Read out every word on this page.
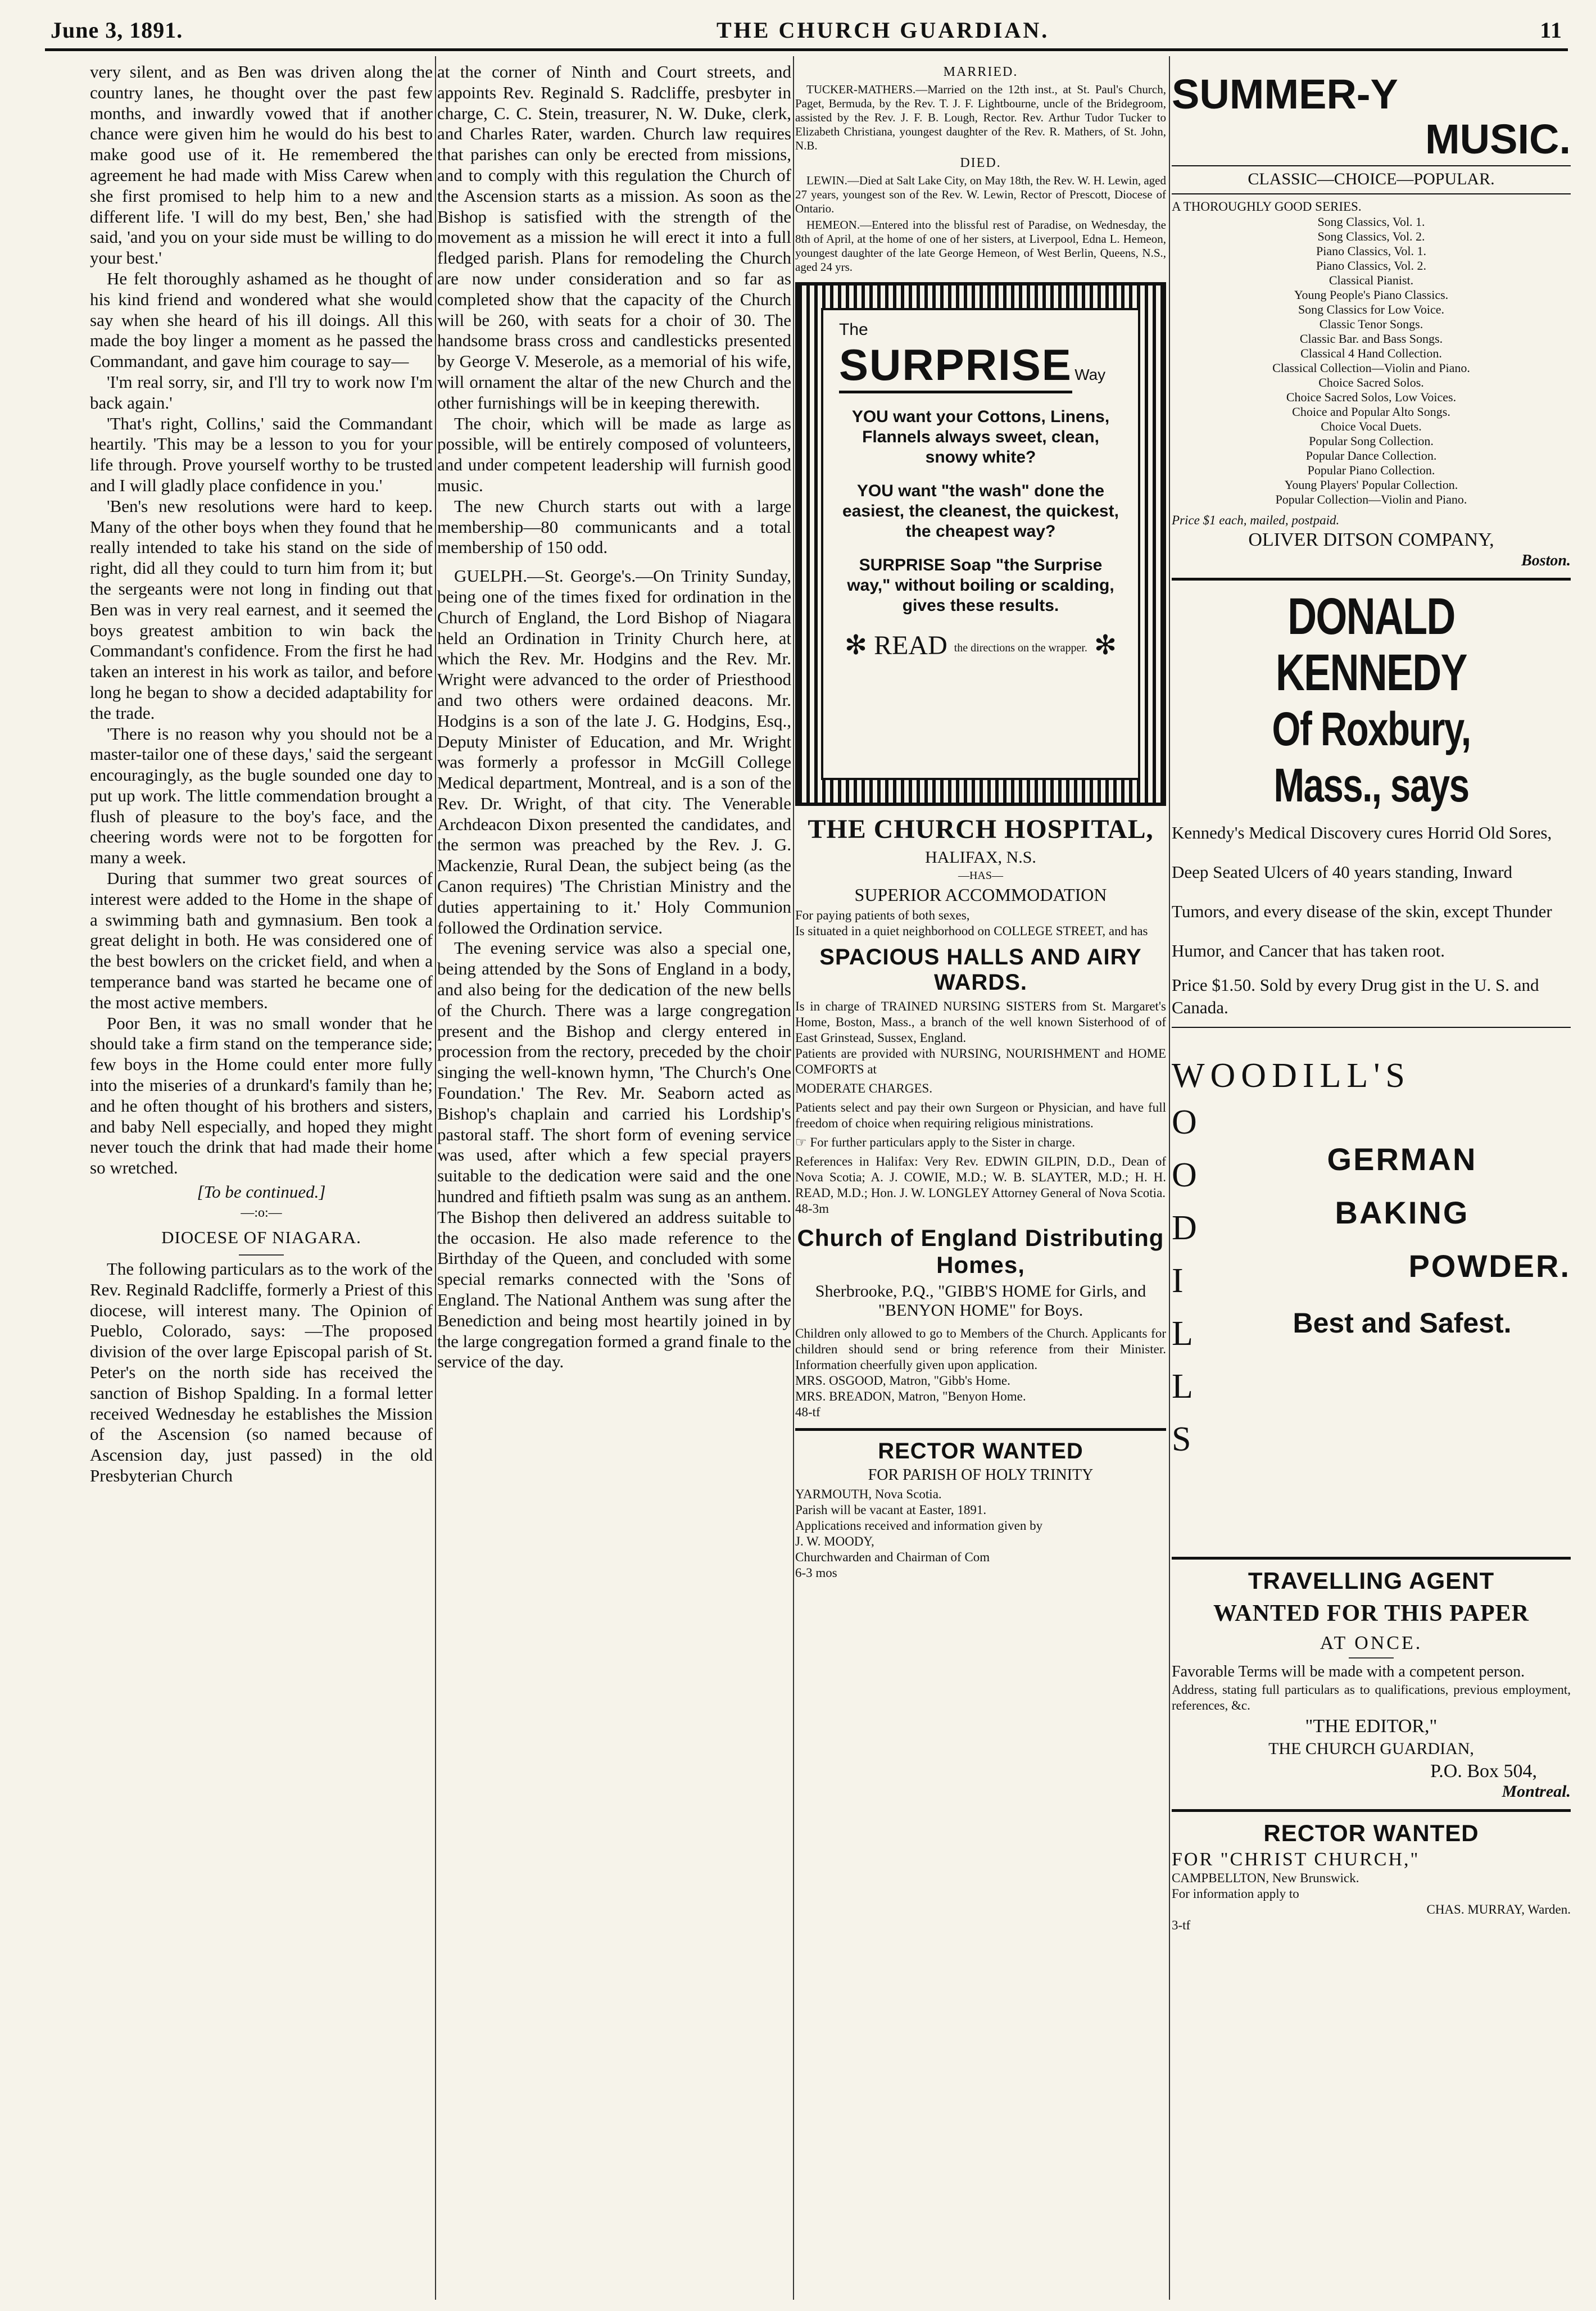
June 3, 1891.	THE CHURCH GUARDIAN.	11

very silent, and as Ben was driven along the country lanes, he thought over the past few months, and inwardly vowed that if another chance were given him he would do his best to make good use of it. He remembered the agreement he had made with Miss Carew when she first promised to help him to a new and different life. 'I will do my best, Ben,' she had said, 'and you on your side must be willing to do your best.'

He felt thoroughly ashamed as he thought of his kind friend and wondered what she would say when she heard of his ill doings. All this made the boy linger a moment as he passed the Commandant, and gave him courage to say—

'I'm real sorry, sir, and I'll try to work now I'm back again.'

'That's right, Collins,' said the Commandant heartily. 'This may be a lesson to you for your life through. Prove yourself worthy to be trusted and I will gladly place confidence in you.'

'Ben's new resolutions were hard to keep. Many of the other boys when they found that he really intended to take his stand on the side of right, did all they could to turn him from it; but the sergeants were not long in finding out that Ben was in very real earnest, and it seemed the boys greatest ambition to win back the Commandant's confidence. From the first he had taken an interest in his work as tailor, and before long he began to show a decided adaptability for the trade.

'There is no reason why you should not be a master-tailor one of these days,' said the sergeant encouragingly, as the bugle sounded one day to put up work. The little commendation brought a flush of pleasure to the boy's face, and the cheering words were not to be forgotten for many a week.

During that summer two great sources of interest were added to the Home in the shape of a swimming bath and gymnasium. Ben took a great delight in both. He was considered one of the best bowlers on the cricket field, and when a temperance band was started he became one of the most active members.

Poor Ben, it was no small wonder that he should take a firm stand on the temperance side; few boys in the Home could enter more fully into the miseries of a drunkard's family than he; and he often thought of his brothers and sisters, and baby Nell especially, and hoped they might never touch the drink that had made their home so wretched.

[To be continued.]
—:o:—
DIOCESE OF NIAGARA.

The following particulars as to the work of the Rev. Reginald Radcliffe, formerly a Priest of this diocese, will interest many. The Opinion of Pueblo, Colorado, says: —The proposed division of the over large Episcopal parish of St. Peter's on the north side has received the sanction of Bishop Spalding. In a formal letter received Wednesday he establishes the Mission of the Ascension (so named because of Ascension day, just passed) in the old Presbyterian Church

at the corner of Ninth and Court streets, and appoints Rev. Reginald S. Radcliffe, presbyter in charge, C. C. Stein, treasurer, N. W. Duke, clerk, and Charles Rater, warden. Church law requires that parishes can only be erected from missions, and to comply with this regulation the Church of the Ascension starts as a mission. As soon as the Bishop is satisfied with the strength of the movement as a mission he will erect it into a full fledged parish. Plans for remodeling the Church are now under consideration and so far as completed show that the capacity of the Church will be 260, with seats for a choir of 30. The handsome brass cross and candlesticks presented by George V. Meserole, as a memorial of his wife, will ornament the altar of the new Church and the other furnishings will be in keeping therewith.

The choir, which will be made as large as possible, will be entirely composed of volunteers, and under competent leadership will furnish good music.

The new Church starts out with a large membership—80 communicants and a total membership of 150 odd.

GUELPH.—St. George's.—On Trinity Sunday, being one of the times fixed for ordination in the Church of England, the Lord Bishop of Niagara held an Ordination in Trinity Church here, at which the Rev. Mr. Hodgins and the Rev. Mr. Wright were advanced to the order of Priesthood and two others were ordained deacons. Mr. Hodgins is a son of the late J. G. Hodgins, Esq., Deputy Minister of Education, and Mr. Wright was formerly a professor in McGill College Medical department, Montreal, and is a son of the Rev. Dr. Wright, of that city. The Venerable Archdeacon Dixon presented the candidates, and the sermon was preached by the Rev. J. G. Mackenzie, Rural Dean, the subject being (as the Canon requires) 'The Christian Ministry and the duties appertaining to it.' Holy Communion followed the Ordination service.

The evening service was also a special one, being attended by the Sons of England in a body, and also being for the dedication of the new bells of the Church. There was a large congregation present and the Bishop and clergy entered in procession from the rectory, preceded by the choir singing the well-known hymn, 'The Church's One Foundation.' The Rev. Mr. Seaborn acted as Bishop's chaplain and carried his Lordship's pastoral staff. The short form of evening service was used, after which a few special prayers suitable to the dedication were said and the one hundred and fiftieth psalm was sung as an anthem. The Bishop then delivered an address suitable to the occasion. He also made reference to the Birthday of the Queen, and concluded with some special remarks connected with the 'Sons of England. The National Anthem was sung after the Benediction and being most heartily joined in by the large congregation formed a grand finale to the service of the day.

MARRIED.

TUCKER-MATHERS.—Married on the 12th inst., at St. Paul's Church, Paget, Bermuda, by the Rev. T. J. F. Lightbourne, uncle of the Bridegroom, assisted by the Rev. J. F. B. Lough, Rector. Rev. Arthur Tudor Tucker to Elizabeth Christiana, youngest daughter of the Rev. R. Mathers, of St. John, N.B.

DIED.

LEWIN.—Died at Salt Lake City, on May 18th, the Rev. W. H. Lewin, aged 27 years, youngest son of the Rev. W. Lewin, Rector of Prescott, Diocese of Ontario.

HEMEON.—Entered into the blissful rest of Paradise, on Wednesday, the 8th of April, at the home of one of her sisters, at Liverpool, Edna L. Hemeon, youngest daughter of the late George Hemeon, of West Berlin, Queens, N.S., aged 24 yrs.

The
SURPRISE Way
YOU want your Cottons, Linens, Flannels always sweet, clean, snowy white?
YOU want "the wash" done the easiest, the cleanest, the quickest, the cheapest way?
SURPRISE Soap "the Surprise way," without boiling or scalding, gives these results.
✻ READ the directions on the wrapper. ✻
THE CHURCH HOSPITAL,
HALIFAX, N.S.
—HAS—
SUPERIOR ACCOMMODATION
For paying patients of both sexes,
Is situated in a quiet neighborhood on COLLEGE STREET, and has
SPACIOUS HALLS AND AIRY WARDS.
Is in charge of TRAINED NURSING SISTERS from St. Margaret's Home, Boston, Mass., a branch of the well known Sisterhood of of East Grinstead, Sussex, England.
Patients are provided with NURSING, NOURISHMENT and HOME COMFORTS at
MODERATE CHARGES.
Patients select and pay their own Surgeon or Physician, and have full freedom of choice when requiring religious ministrations.
☞ For further particulars apply to the Sister in charge.
References in Halifax: Very Rev. EDWIN GILPIN, D.D., Dean of Nova Scotia; A. J. COWIE, M.D.; W. B. SLAYTER, M.D.; H. H. READ, M.D.; Hon. J. W. LONGLEY Attorney General of Nova Scotia.
48-3m
Church of England Distributing Homes,
Sherbrooke, P.Q., "GIBB'S HOME for Girls, and "BENYON HOME" for Boys.
Children only allowed to go to Members of the Church. Applicants for children should send or bring reference from their Minister. Information cheerfully given upon application.
MRS. OSGOOD, Matron, "Gibb's Home.
MRS. BREADON, Matron, "Benyon Home.
48-tf
RECTOR WANTED
FOR PARISH OF HOLY TRINITY
YARMOUTH, Nova Scotia.
Parish will be vacant at Easter, 1891.
Applications received and information given by
J. W. MOODY,
Churchwarden and Chairman of Com
6-3 mos
SUMMER-Y
MUSIC.
CLASSIC—CHOICE—POPULAR.
A THOROUGHLY GOOD SERIES.
Song Classics, Vol. 1.
Song Classics, Vol. 2.
Piano Classics, Vol. 1.
Piano Classics, Vol. 2.
Classical Pianist.
Young People's Piano Classics.
Song Classics for Low Voice.
Classic Tenor Songs.
Classic Bar. and Bass Songs.
Classical 4 Hand Collection.
Classical Collection—Violin and Piano.
Choice Sacred Solos.
Choice Sacred Solos, Low Voices.
Choice and Popular Alto Songs.
Choice Vocal Duets.
Popular Song Collection.
Popular Dance Collection.
Popular Piano Collection.
Young Players' Popular Collection.
Popular Collection—Violin and Piano.
Price $1 each, mailed, postpaid.
OLIVER DITSON COMPANY,
Boston.
DONALD KENNEDY
Of Roxbury, Mass., says
Kennedy's Medical Discovery cures Horrid Old Sores, Deep Seated Ulcers of 40 years standing, Inward Tumors, and every disease of the skin, except Thunder Humor, and Cancer that has taken root.
Price $1.50. Sold by every Drug gist in the U. S. and Canada.
WOODILL'S
O
O
D
I
L
L
S
GERMAN
BAKING
POWDER.
Best and Safest.
TRAVELLING AGENT
WANTED FOR THIS PAPER
AT ONCE.
Favorable Terms will be made with a competent person.
Address, stating full particulars as to qualifications, previous employment, references, &c.
"THE EDITOR,"
THE CHURCH GUARDIAN,
P.O. Box 504,
Montreal.
RECTOR WANTED
FOR "CHRIST CHURCH,"
CAMPBELLTON, New Brunswick.
For information apply to
CHAS. MURRAY, Warden.
3-tf
